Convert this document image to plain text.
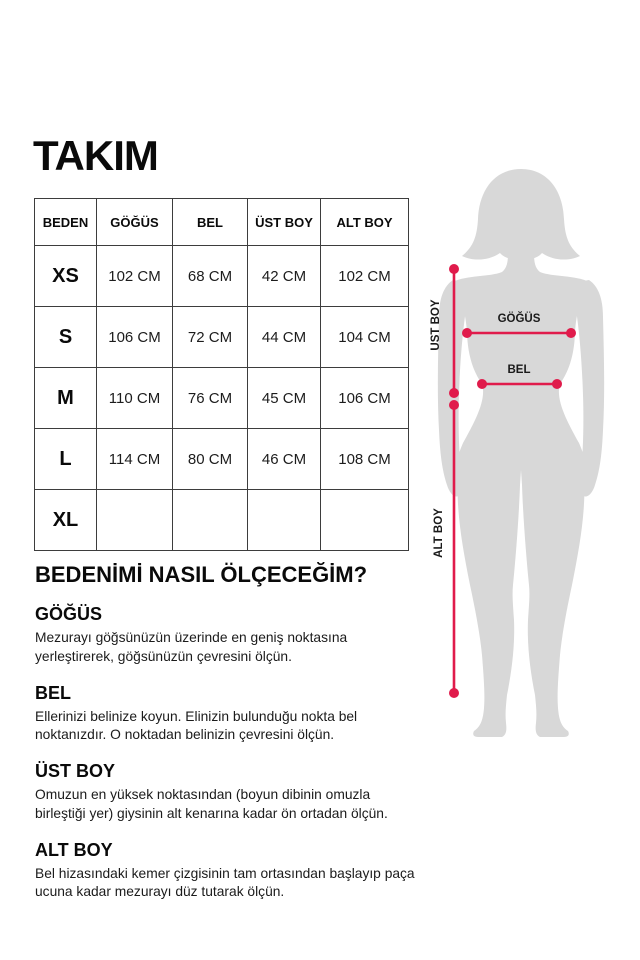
TAKIM
BEDEN	GÖĞÜS	BEL	ÜST BOY	ALT BOY
XS	102 CM	68 CM	42 CM	102 CM
S	106 CM	72 CM	44 CM	104 CM
M	110 CM	76 CM	45 CM	106 CM
L	114 CM	80 CM	46 CM	108 CM
XL				
ÜST BOY
ALT BOY
GÖĞÜS
BEL
BEDENİMİ NASIL ÖLÇECEĞİM?
GÖĞÜS

Mezurayı göğsünüzün üzerinde en geniş noktasına yerleştirerek, göğsünüzün çevresini ölçün.

BEL

Ellerinizi belinize koyun. Elinizin bulunduğu nokta bel noktanızdır. O noktadan belinizin çevresini ölçün.

ÜST BOY

Omuzun en yüksek noktasından (boyun dibinin omuzla birleştiği yer) giysinin alt kenarına kadar ön ortadan ölçün.

ALT BOY

Bel hizasındaki kemer çizgisinin tam ortasından başlayıp paça ucuna kadar mezurayı düz tutarak ölçün.
